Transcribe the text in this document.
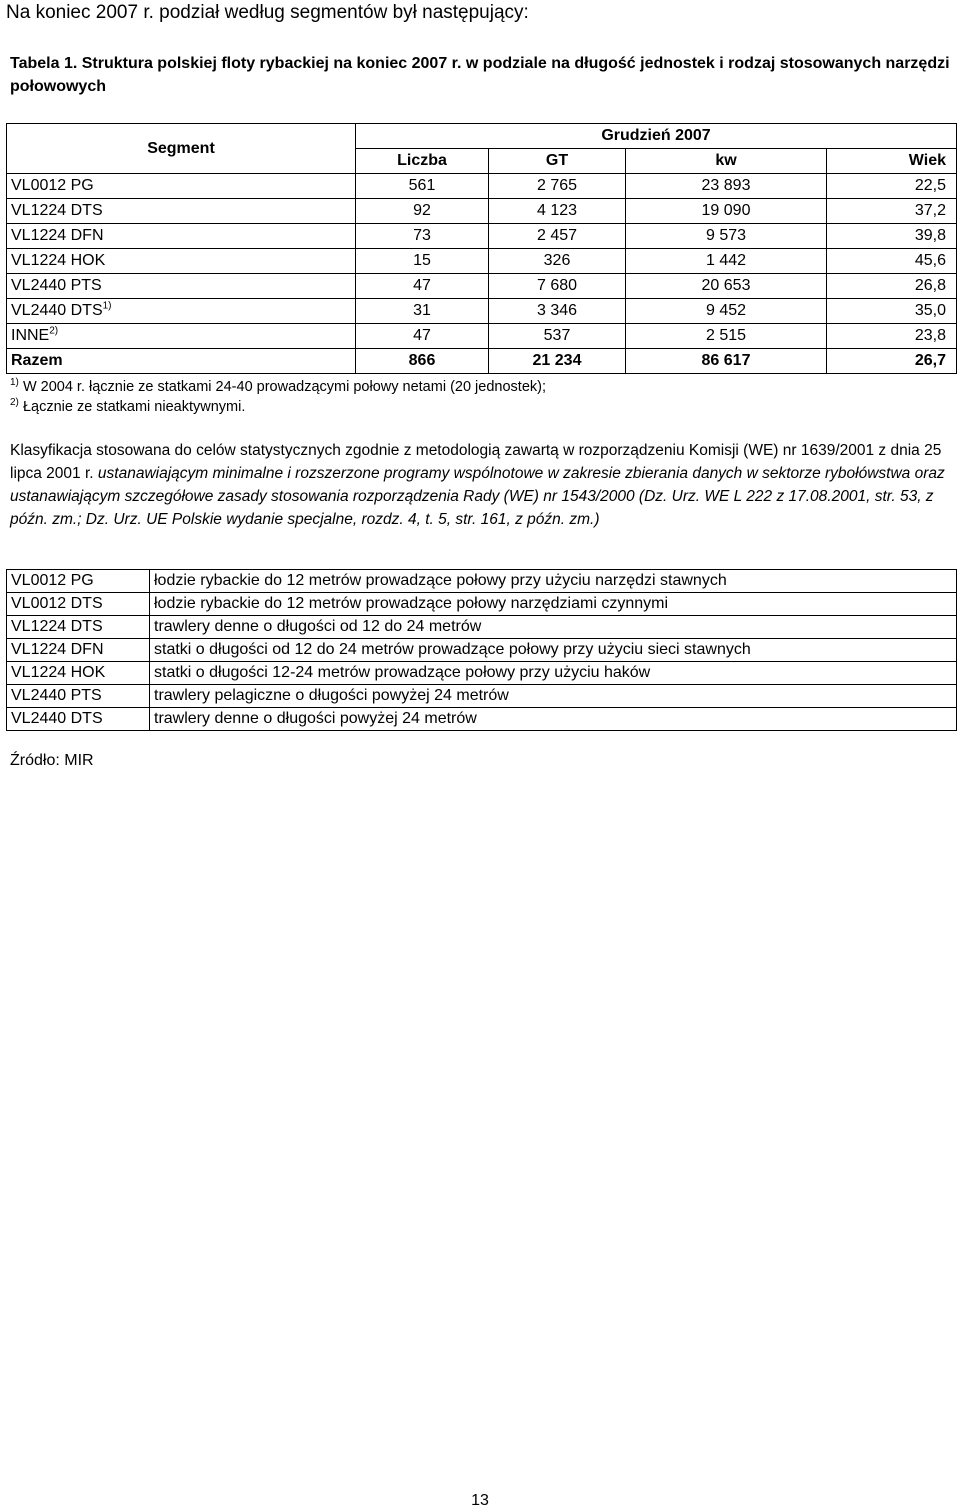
Na koniec 2007 r. podział według segmentów był następujący:
Tabela 1. Struktura polskiej floty rybackiej na koniec 2007 r. w podziale na długość jednostek i rodzaj stosowanych narzędzi połowowych
Segment	Grudzień 2007			
	Liczba	GT	kw	Wiek
VL0012 PG	561	2 765	23 893	22,5
VL1224 DTS	92	4 123	19 090	37,2
VL1224 DFN	73	2 457	9 573	39,8
VL1224 HOK	15	326	1 442	45,6
VL2440 PTS	47	7 680	20 653	26,8
VL2440 DTS$^{1)}$	31	3 346	9 452	35,0
INNE$^{2)}$	47	537	2 515	23,8
Razem	866	21 234	86 617	26,7
$^{1)}$ W 2004 r. łącznie ze statkami 24-40 prowadzącymi połowy netami (20 jednostek);
$^{2)}$ Łącznie ze statkami nieaktywnymi.
Klasyfikacja stosowana do celów statystycznych zgodnie z metodologią zawartą w rozporządzeniu Komisji (WE) nr 1639/2001 z dnia 25 lipca 2001 r. ustanawiającym minimalne i rozszerzone programy wspólnotowe w zakresie zbierania danych w sektorze rybołówstwa oraz ustanawiającym szczegółowe zasady stosowania rozporządzenia Rady (WE) nr 1543/2000 (Dz. Urz. WE L 222 z 17.08.2001, str. 53, z późn. zm.; Dz. Urz. UE Polskie wydanie specjalne, rozdz. 4, t. 5, str. 161, z późn. zm.)
VL0012 PG	łodzie rybackie do 12 metrów prowadzące połowy przy użyciu narzędzi stawnych
VL0012 DTS	łodzie rybackie do 12 metrów prowadzące połowy narzędziami czynnymi
VL1224 DTS	trawlery denne o długości od 12 do 24 metrów
VL1224 DFN	statki o długości od 12 do 24 metrów prowadzące połowy przy użyciu sieci stawnych
VL1224 HOK	statki o długości 12-24 metrów prowadzące połowy przy użyciu haków
VL2440 PTS	trawlery pelagiczne o długości powyżej 24 metrów
VL2440 DTS	trawlery denne o długości powyżej 24 metrów
Źródło: MIR
13
